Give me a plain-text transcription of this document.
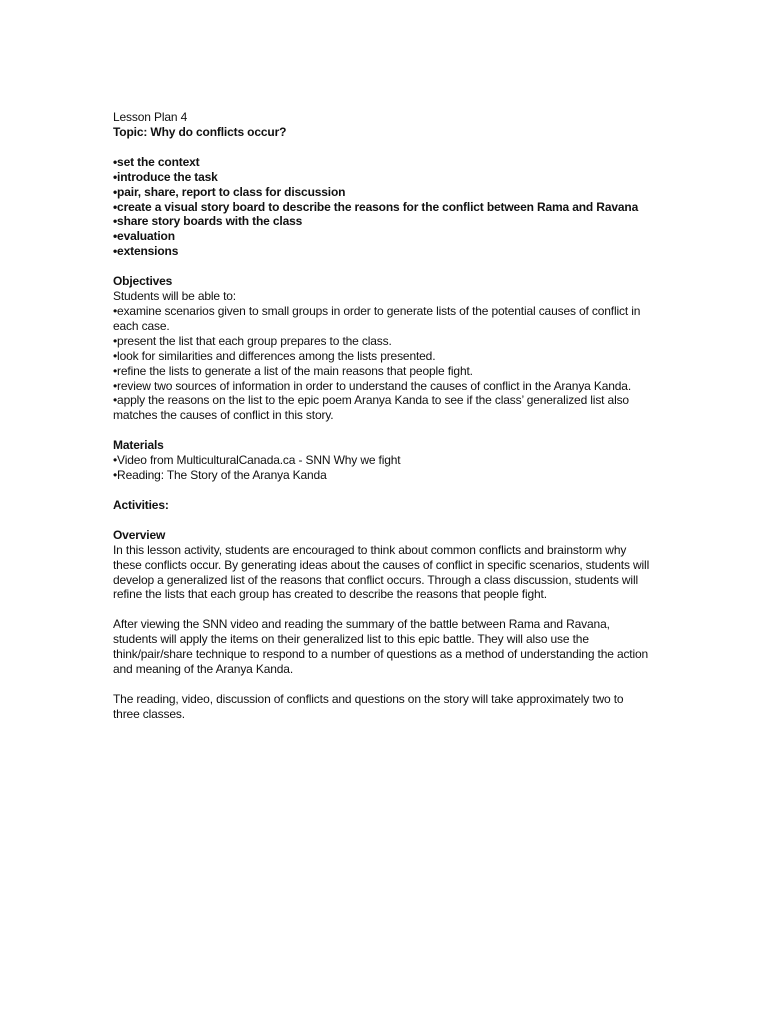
Lesson Plan 4
Topic: Why do conflicts occur?
•set the context
•introduce the task
•pair, share, report to class for discussion
•create a visual story board to describe the reasons for the conflict between Rama and Ravana
•share story boards with the class
•evaluation
•extensions
Objectives
Students will be able to:
•examine scenarios given to small groups in order to generate lists of the potential causes of conflict in each case.
•present the list that each group prepares to the class.
•look for similarities and differences among the lists presented.
•refine the lists to generate a list of the main reasons that people fight.
•review two sources of information in order to understand the causes of conflict in the Aranya Kanda.
•apply the reasons on the list to the epic poem Aranya Kanda to see if the class’ generalized list also matches the causes of conflict in this story.
Materials
•Video from MulticulturalCanada.ca - SNN Why we fight
•Reading: The Story of the Aranya Kanda
Activities:
Overview

In this lesson activity, students are encouraged to think about common conflicts and brainstorm why these conflicts occur. By generating ideas about the causes of conflict in specific scenarios, students will develop a generalized list of the reasons that conflict occurs. Through a class discussion, students will refine the lists that each group has created to describe the reasons that people fight.

After viewing the SNN video and reading the summary of the battle between Rama and Ravana, students will apply the items on their generalized list to this epic battle. They will also use the think/pair/share technique to respond to a number of questions as a method of understanding the action and meaning of the Aranya Kanda.

The reading, video, discussion of conflicts and questions on the story will take approximately two to three classes.
